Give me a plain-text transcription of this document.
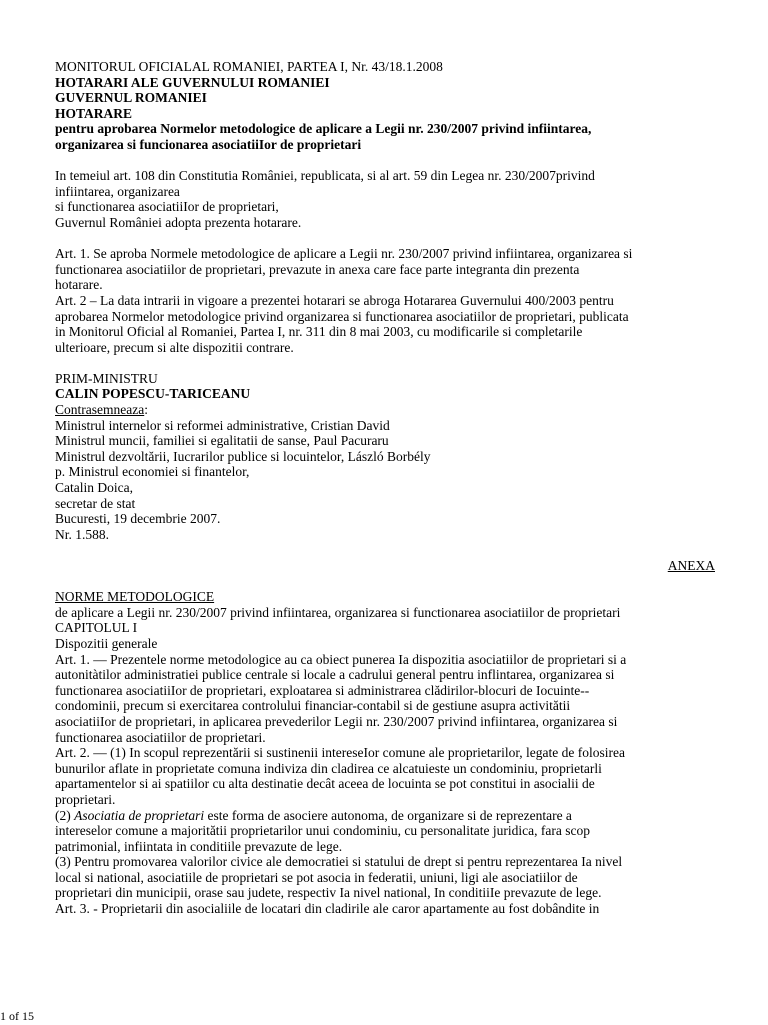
MONITORUL OFICIALAL ROMANIEI, PARTEA I, Nr. 43/18.1.2008
HOTARARI ALE GUVERNULUI ROMANIEI
GUVERNUL ROMANIEI
HOTARARE
pentru aprobarea Normelor metodologice de aplicare a Legii nr. 230/2007 privind infiintarea,
organizarea si funcionarea asociatiiIor de proprietari
In temeiul art. 108 din Constitutia României, republicata, si al art. 59 din Legea nr. 230/2007privind
infiintarea, organizarea
si functionarea asociatiiIor de proprietari,
Guvernul României adopta prezenta hotarare.
Art. 1. Se aproba Normele metodologice de aplicare a Legii nr. 230/2007 privind infiintarea, organizarea si
functionarea asociatiilor de proprietari, prevazute in anexa care face parte integranta din prezenta
hotarare.
Art. 2 – La data intrarii in vigoare a prezentei hotarari se abroga Hotararea Guvernului 400/2003 pentru
aprobarea Normelor metodologice privind organizarea si functionarea asociatiilor de proprietari, publicata
in Monitorul Oficial al Romaniei, Partea I, nr. 311 din 8 mai 2003, cu modificarile si completarile
ulterioare, precum si alte dispozitii contrare.
PRIM-MINISTRU
CALIN POPESCU-TARICEANU
Contrasemneaza:
Ministrul internelor si reformei administrative, Cristian David
Ministrul muncii, familiei si egalitatii de sanse, Paul Pacuraru
Ministrul dezvoltării, Iucrarilor publice si locuintelor, László Borbély
p. Ministrul economiei si finantelor,
Catalin Doica,
secretar de stat
Bucuresti, 19 decembrie 2007.
Nr. 1.588.
ANEXA
NORME METODOLOGICE
de aplicare a Legii nr. 230/2007 privind infiintarea, organizarea si functionarea asociatiilor de proprietari
CAPITOLUL I
Dispozitii generale
Art. 1. — Prezentele norme metodologice au ca obiect punerea Ia dispozitia asociatiilor de proprietari si a
autonitàtilor administratiei publice centrale si locale a cadrului general pentru inflintarea, organizarea si
functionarea asociatiiIor de proprietari, exploatarea si administrarea clădirilor-blocuri de Iocuinte--
condominii, precum si exercitarea controlului financiar-contabil si de gestiune asupra activitătii
asociatiiIor de proprietari, in aplicarea prevederilor Legii nr. 230/2007 privind infiintarea, organizarea si
functionarea asociatiilor de proprietari.
Art. 2. — (1) In scopul reprezentării si sustinenii intereseIor comune ale proprietarilor, legate de folosirea
bunurilor aflate in proprietate comuna indiviza din cladirea ce alcatuieste un condominiu, proprietarli
apartamentelor si ai spatiilor cu alta destinatie decât aceea de locuinta se pot constitui in asocialii de
proprietari.
(2) Asociatia de proprietari este forma de asociere autonoma, de organizare si de reprezentare a
intereselor comune a majoritătii proprietarilor unui condominiu, cu personalitate juridica, fara scop
patrimonial, infiintata in conditiile prevazute de lege.
(3) Pentru promovarea valorilor civice ale democratiei si statului de drept si pentru reprezentarea Ia nivel
local si national, asociatiile de proprietari se pot asocia in federatii, uniuni, ligi ale asociatiilor de
proprietari din municipii, orase sau judete, respectiv Ia nivel national, In conditiiIe prevazute de lege.
Art. 3. - Proprietarii din asocialiile de locatari din cladirile ale caror apartamente au fost dobândite in
1 of 15
